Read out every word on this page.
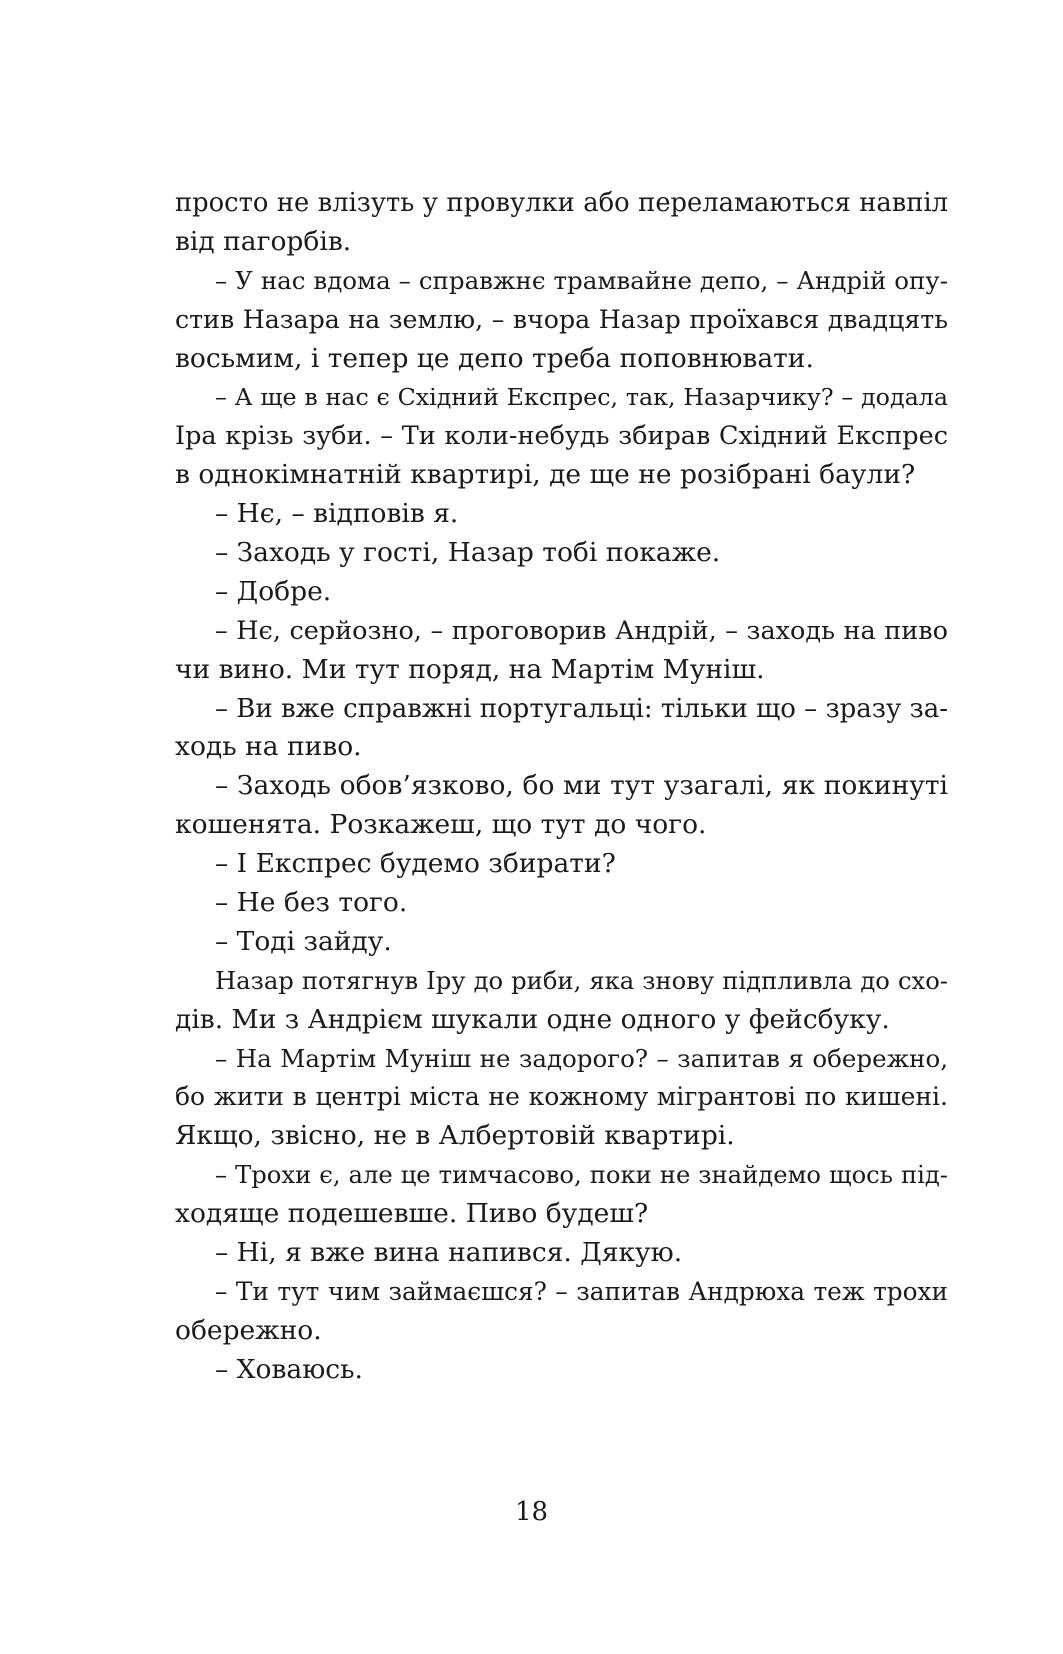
просто не влізуть у провулки або переламаються навпіл
від пагорбів.
– У нас вдома – справжнє трамвайне депо, – Андрій опу-
стив Назара на землю, – вчора Назар проїхався двадцять
восьмим, і тепер це депо треба поповнювати.
– А ще в нас є Східний Експрес, так, Назарчику? – додала
Іра крізь зуби. – Ти коли-небудь збирав Східний Експрес
в однокімнатній квартирі, де ще не розібрані баули?
– Нє, – відповів я.
– Заходь у гості, Назар тобі покаже.
– Добре.
– Нє, серйозно, – проговорив Андрій, – заходь на пиво
чи вино. Ми тут поряд, на Мартім Муніш.
– Ви вже справжні португальці: тільки що – зразу за-
ходь на пиво.
– Заходь обов’язково, бо ми тут узагалі, як покинуті
кошенята. Розкажеш, що тут до чого.
– І Експрес будемо збирати?
– Не без того.
– Тоді зайду.
Назар потягнув Іру до риби, яка знову підпливла до схо-
дів. Ми з Андрієм шукали одне одного у фейсбуку.
– На Мартім Муніш не задорого? – запитав я обережно,
бо жити в центрі міста не кожному мігрантові по кишені.
Якщо, звісно, не в Албертовій квартирі.
– Трохи є, але це тимчасово, поки не знайдемо щось під-
ходяще подешевше. Пиво будеш?
– Ні, я вже вина напився. Дякую.
– Ти тут чим займаєшся? – запитав Андрюха теж трохи
обережно.
– Ховаюсь.
18
